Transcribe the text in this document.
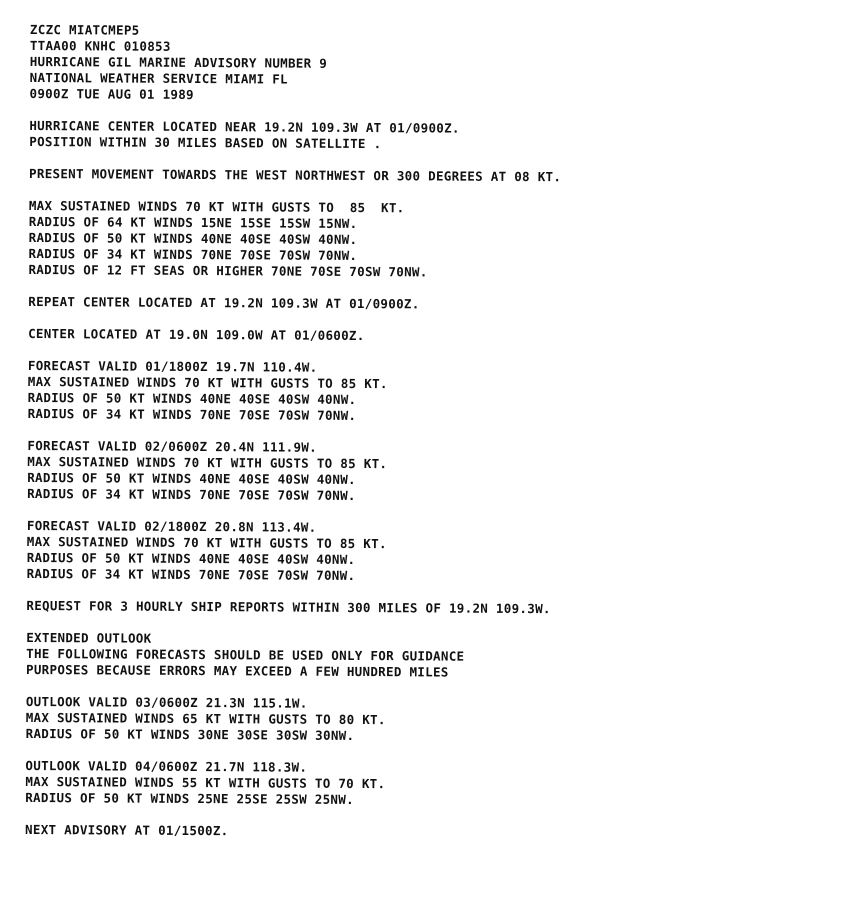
ZCZC MIATCMEP5
TTAA00 KNHC 010853
HURRICANE GIL MARINE ADVISORY NUMBER 9
NATIONAL WEATHER SERVICE MIAMI FL
0900Z TUE AUG 01 1989
HURRICANE CENTER LOCATED NEAR 19.2N 109.3W AT 01/0900Z.
POSITION WITHIN 30 MILES BASED ON SATELLITE .
PRESENT MOVEMENT TOWARDS THE WEST NORTHWEST OR 300 DEGREES AT 08 KT.
MAX SUSTAINED WINDS 70 KT WITH GUSTS TO  85  KT.
RADIUS OF 64 KT WINDS 15NE 15SE 15SW 15NW.
RADIUS OF 50 KT WINDS 40NE 40SE 40SW 40NW.
RADIUS OF 34 KT WINDS 70NE 70SE 70SW 70NW.
RADIUS OF 12 FT SEAS OR HIGHER 70NE 70SE 70SW 70NW.
REPEAT CENTER LOCATED AT 19.2N 109.3W AT 01/0900Z.
CENTER LOCATED AT 19.0N 109.0W AT 01/0600Z.
FORECAST VALID 01/1800Z 19.7N 110.4W.
MAX SUSTAINED WINDS 70 KT WITH GUSTS TO 85 KT.
RADIUS OF 50 KT WINDS 40NE 40SE 40SW 40NW.
RADIUS OF 34 KT WINDS 70NE 70SE 70SW 70NW.
FORECAST VALID 02/0600Z 20.4N 111.9W.
MAX SUSTAINED WINDS 70 KT WITH GUSTS TO 85 KT.
RADIUS OF 50 KT WINDS 40NE 40SE 40SW 40NW.
RADIUS OF 34 KT WINDS 70NE 70SE 70SW 70NW.
FORECAST VALID 02/1800Z 20.8N 113.4W.
MAX SUSTAINED WINDS 70 KT WITH GUSTS TO 85 KT.
RADIUS OF 50 KT WINDS 40NE 40SE 40SW 40NW.
RADIUS OF 34 KT WINDS 70NE 70SE 70SW 70NW.
REQUEST FOR 3 HOURLY SHIP REPORTS WITHIN 300 MILES OF 19.2N 109.3W.
EXTENDED OUTLOOK
THE FOLLOWING FORECASTS SHOULD BE USED ONLY FOR GUIDANCE
PURPOSES BECAUSE ERRORS MAY EXCEED A FEW HUNDRED MILES
OUTLOOK VALID 03/0600Z 21.3N 115.1W.
MAX SUSTAINED WINDS 65 KT WITH GUSTS TO 80 KT.
RADIUS OF 50 KT WINDS 30NE 30SE 30SW 30NW.
OUTLOOK VALID 04/0600Z 21.7N 118.3W.
MAX SUSTAINED WINDS 55 KT WITH GUSTS TO 70 KT.
RADIUS OF 50 KT WINDS 25NE 25SE 25SW 25NW.
NEXT ADVISORY AT 01/1500Z.
